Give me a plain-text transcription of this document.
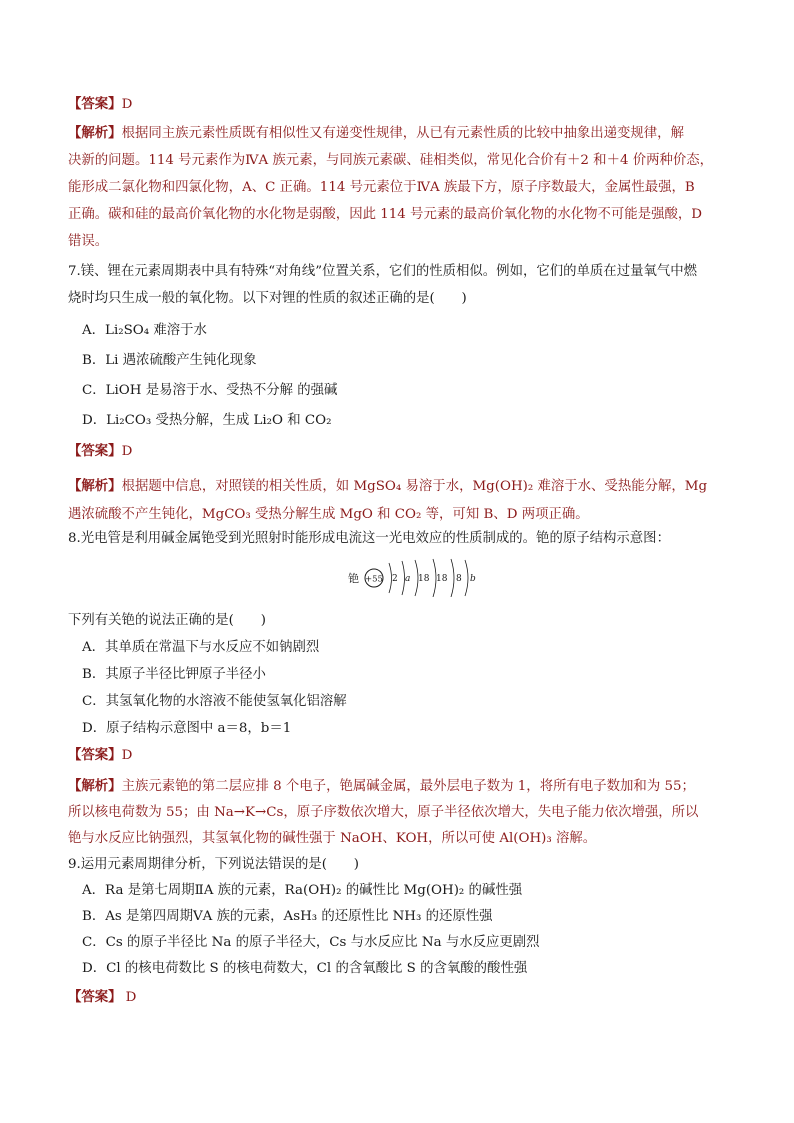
【答案】D
【解析】根据同主族元素性质既有相似性又有递变性规律，从已有元素性质的比较中抽象出递变规律，解
决新的问题。114 号元素作为ⅣA 族元素，与同族元素碳、硅相类似，常见化合价有＋2 和＋4 价两种价态，
能形成二氯化物和四氯化物，A、C 正确。114 号元素位于ⅣA 族最下方，原子序数最大，金属性最强，B
正确。碳和硅的最高价氧化物的水化物是弱酸，因此 114 号元素的最高价氧化物的水化物不可能是强酸，D
错误。
7.镁、锂在元素周期表中具有特殊“对角线”位置关系，它们的性质相似。例如，它们的单质在过量氧气中燃
烧时均只生成一般的氧化物。以下对锂的性质的叙述正确的是(　　)
A．Li₂SO₄ 难溶于水
B．Li 遇浓硫酸产生钝化现象
C．LiOH 是易溶于水、受热不分解 的强碱
D．Li₂CO₃ 受热分解，生成 Li₂O 和 CO₂
【答案】D
【解析】根据题中信息，对照镁的相关性质，如 MgSO₄ 易溶于水，Mg(OH)₂ 难溶于水、受热能分解，Mg
遇浓硫酸不产生钝化，MgCO₃ 受热分解生成 MgO 和 CO₂ 等，可知 B、D 两项正确。
8.光电管是利用碱金属铯受到光照射时能形成电流这一光电效应的性质制成的。铯的原子结构示意图：
铯 +55 2 a 18 18 8 b
下列有关铯的说法正确的是(　　)
A．其单质在常温下与水反应不如钠剧烈
B．其原子半径比钾原子半径小
C．其氢氧化物的水溶液不能使氢氧化铝溶解
D．原子结构示意图中 a＝8，b＝1
【答案】D
【解析】主族元素铯的第二层应排 8 个电子，铯属碱金属，最外层电子数为 1，将所有电子数加和为 55；
所以核电荷数为 55；由 Na→K→Cs，原子序数依次增大，原子半径依次增大，失电子能力依次增强，所以
铯与水反应比钠强烈，其氢氧化物的碱性强于 NaOH、KOH，所以可使 Al(OH)₃ 溶解。
9.运用元素周期律分析，下列说法错误的是(　　)
A．Ra 是第七周期ⅡA 族的元素，Ra(OH)₂ 的碱性比 Mg(OH)₂ 的碱性强
B．As 是第四周期ⅤA 族的元素，AsH₃ 的还原性比 NH₃ 的还原性强
C．Cs 的原子半径比 Na 的原子半径大，Cs 与水反应比 Na 与水反应更剧烈
D．Cl 的核电荷数比 S 的核电荷数大，Cl 的含氧酸比 S 的含氧酸的酸性强
【答案】 D
